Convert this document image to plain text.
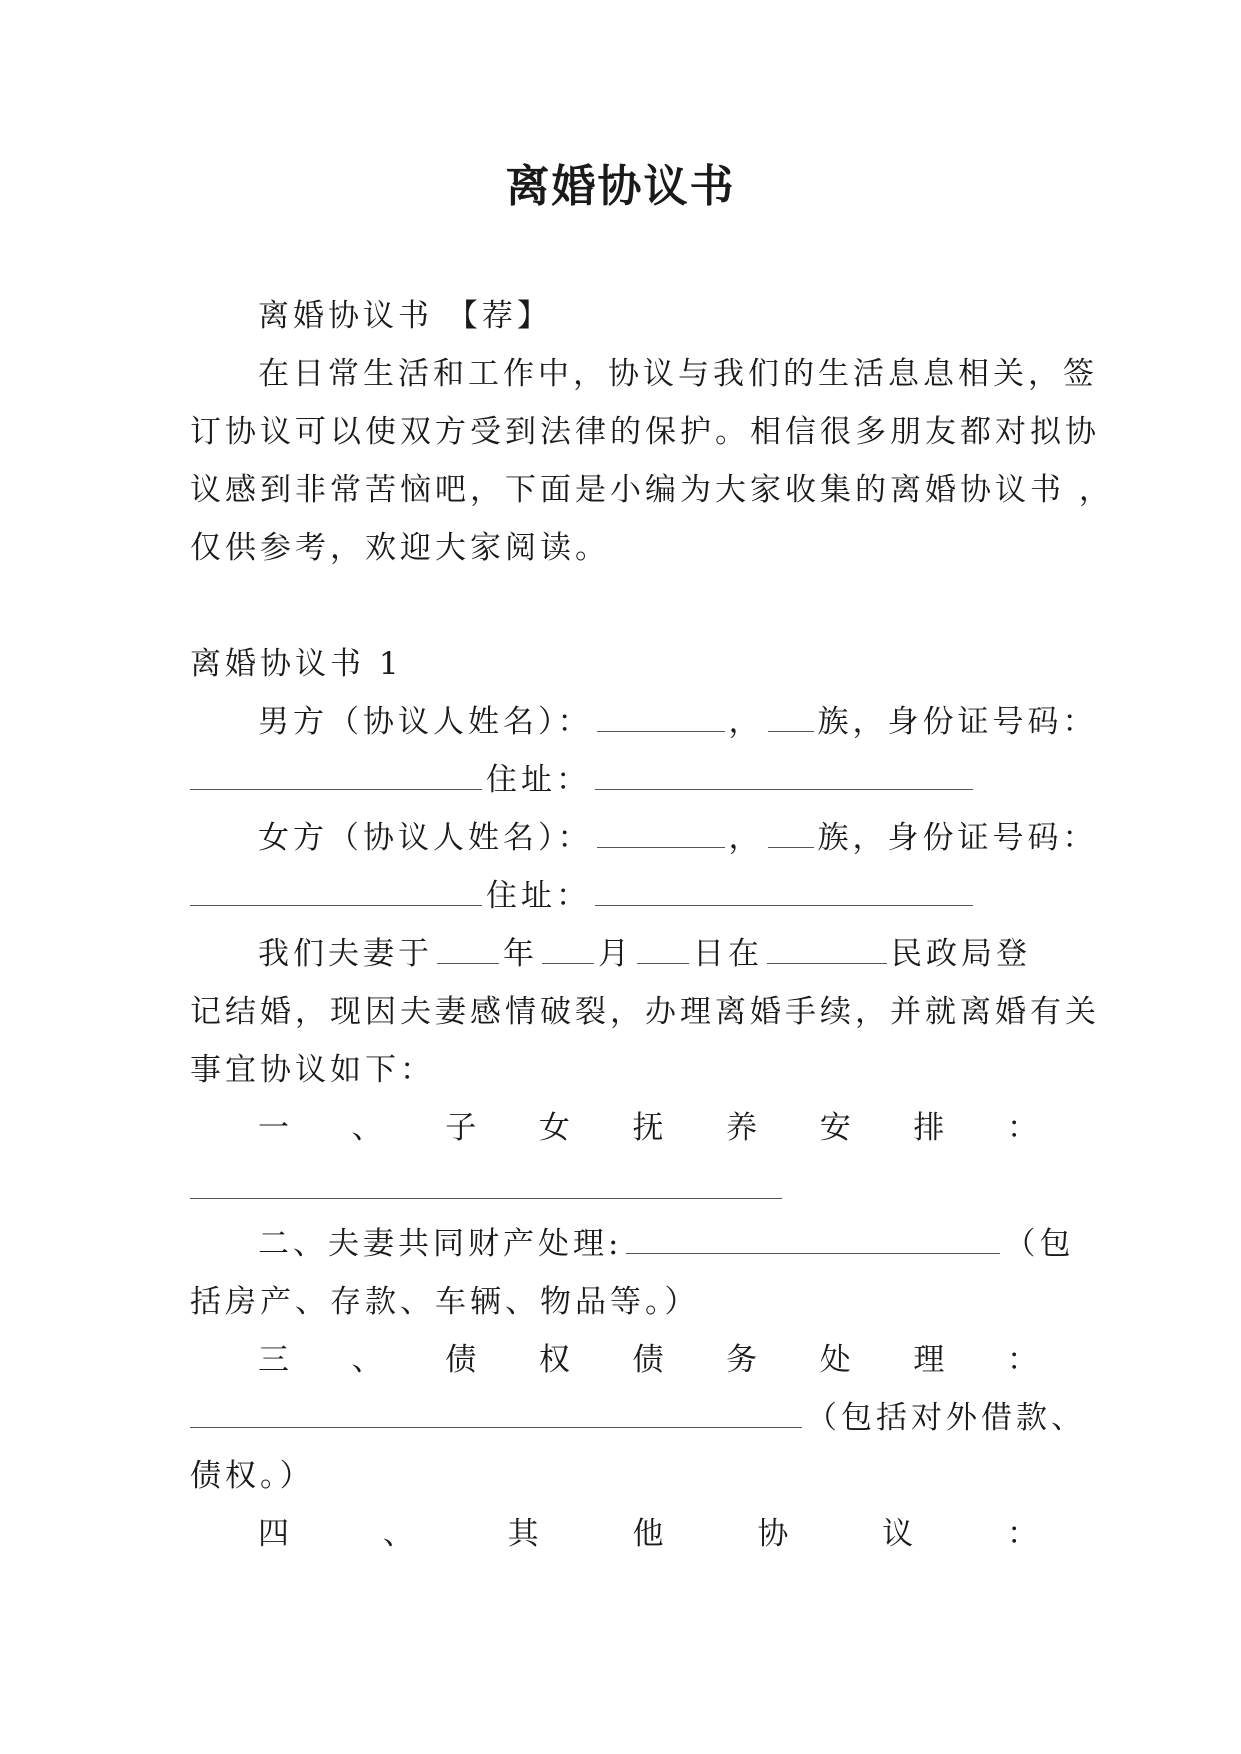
离婚协议书
离婚协议书 【荐】
在日常生活和工作中，协议与我们的生活息息相关，签
订协议可以使双方受到法律的保护。相信很多朋友都对拟协
议感到非常苦恼吧，下面是小编为大家收集的离婚协议书 ，
仅供参考，欢迎大家阅读。
离婚协议书 1
男方（协议人姓名）：	， 族，身份证号码：
住址：
女方（协议人姓名）：	， 族，身份证号码：
住址：
我们夫妻于 年 月 日在	民政局登
记结婚，现因夫妻感情破裂，办理离婚手续，并就离婚有关
事宜协议如下：
一 、 子 女 抚 养 安 排 ：
二、夫妻共同财产处理:	（包
括房产、存款、车辆、物品等。）
三 、 债 权 债 务 处 理 ：
（包括对外借款、
债权。）
四	、	其	他	协	议	：
